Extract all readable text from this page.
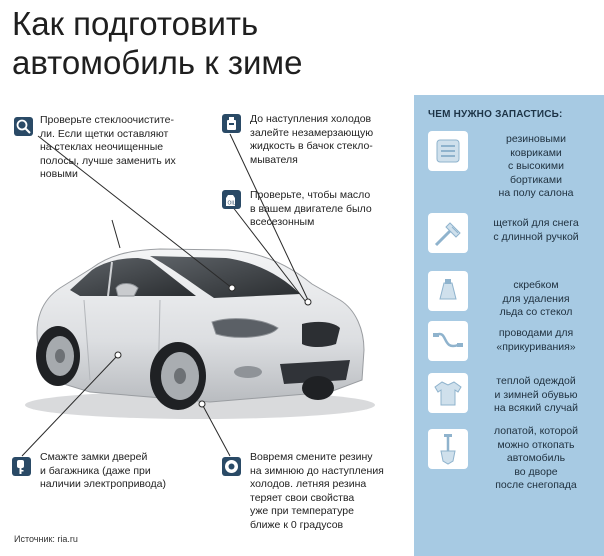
Как подготовить
автомобиль к зиме
Проверьте стеклоочистите-
ли. Если щетки оставляют
на стеклах неочищенные
полосы, лучше заменить их
новыми
До наступления холодов
залейте незамерзающую
жидкость в бачок стекло-
мывателя
OIL
Проверьте, чтобы масло
в вашем двигателе было
всесезонным
Смажте замки дверей
и багажника (даже при
наличии электропривода)
Вовремя смените резину
на зимнюю до наступления
холодов. летняя резина
теряет свои свойства
уже при температуре
ближе к 0 градусов
ЧЕМ НУЖНО ЗАПАСТИСЬ:
резиновыми
ковриками
с высокими
бортиками
на полу салона
щеткой для снега
с длинной ручкой
скребком
для удаления
льда со стекол
проводами для
«прикуривания»
теплой одеждой
и зимней обувью
на всякий случай
лопатой, которой
можно откопать
автомобиль
во дворе
после снегопада
Источник: ria.ru
